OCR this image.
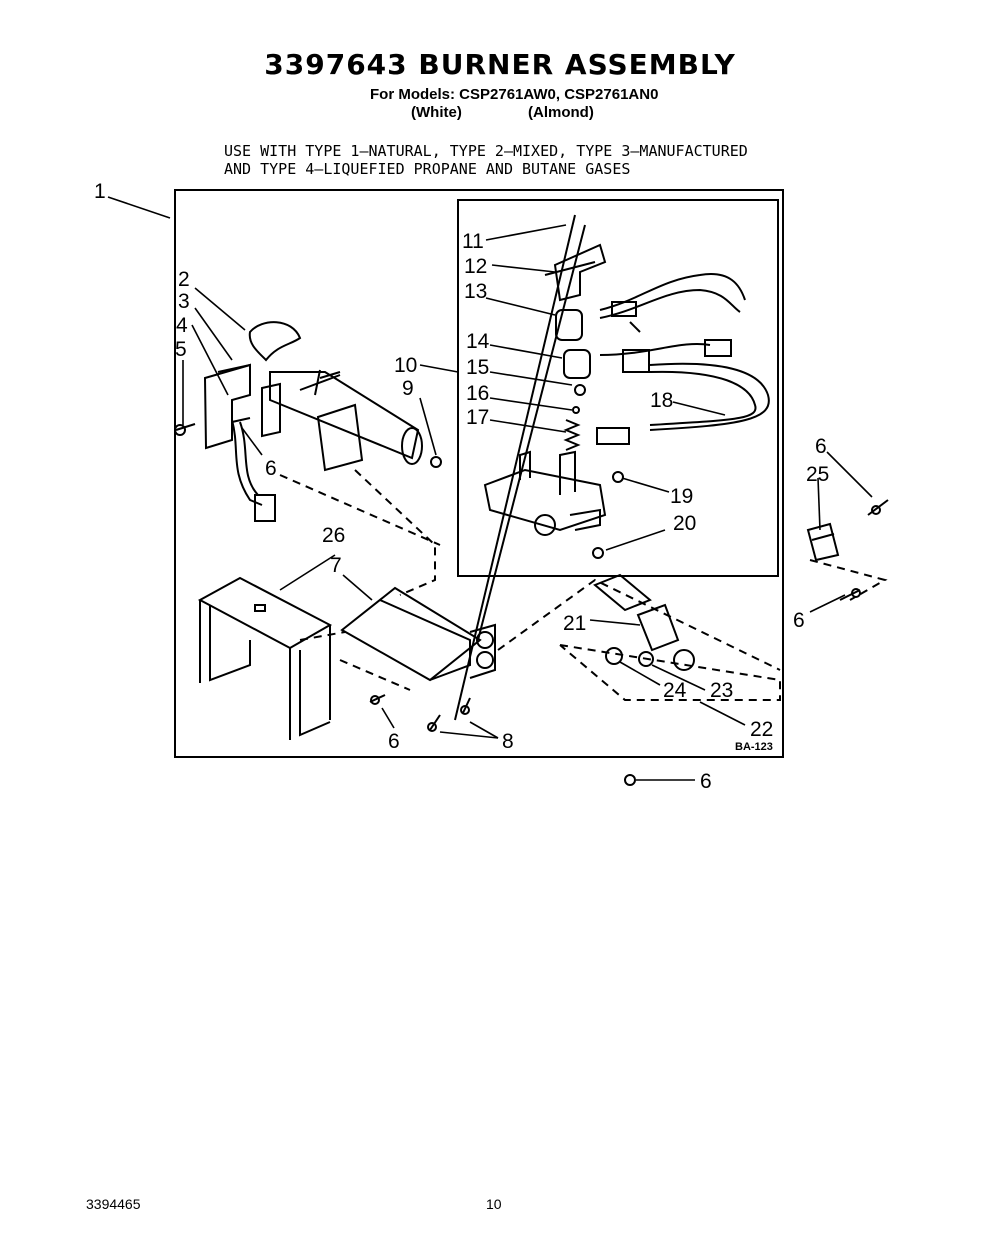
3397643 BURNER ASSEMBLY
For Models: CSP2761AW0, CSP2761AN0
(White)	(Almond)
USE WITH TYPE 1—NATURAL, TYPE 2—MIXED, TYPE 3—MANUFACTURED
AND TYPE 4—LIQUEFIED PROPANE AND BUTANE GASES
1
2
3
4
5
6
7
8
9
10
11
12
13
14
15
16
17
18
19
20
21
22
23
24
25
26
6
6
6
6
BA-123
3394465	10
